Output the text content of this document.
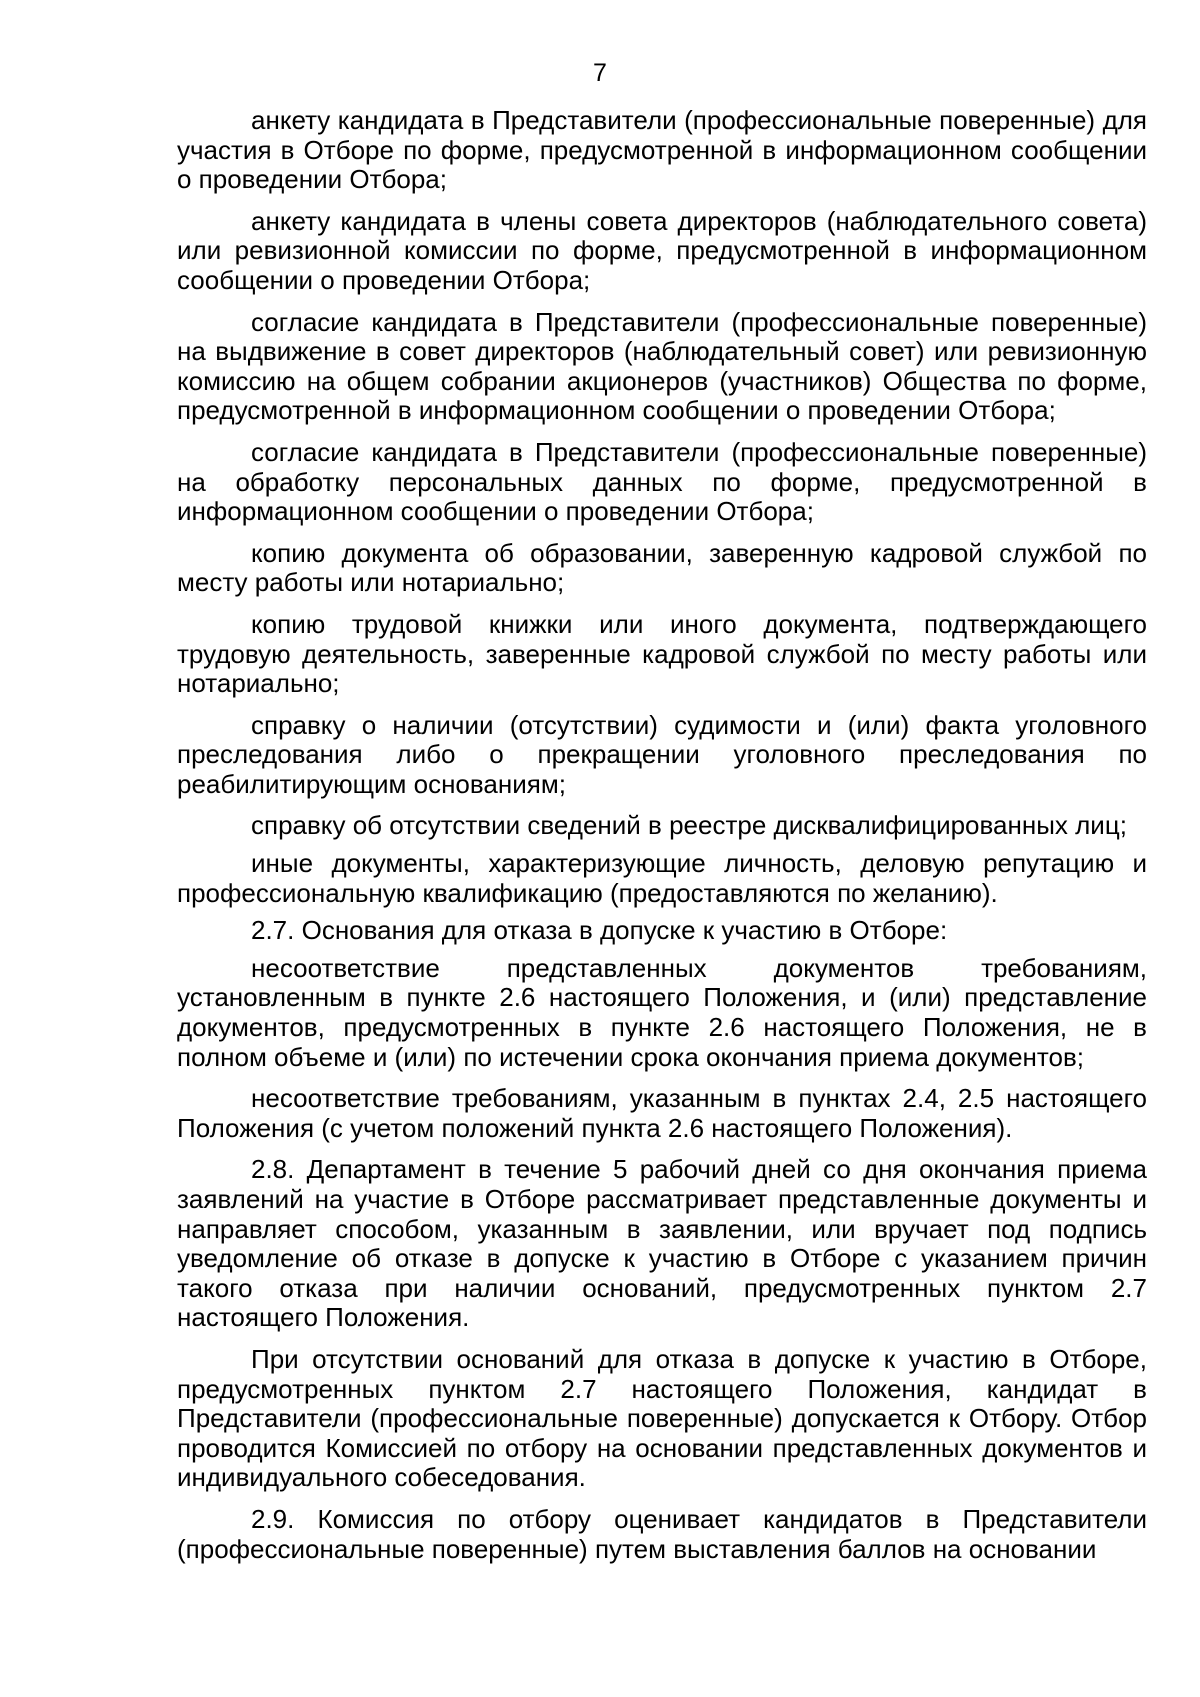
7

анкету кандидата в Представители (профессиональные поверенные) для участия в Отборе по форме, предусмотренной в информационном сообщении о проведении Отбора;

анкету кандидата в члены совета директоров (наблюдательного совета) или ревизионной комиссии по форме, предусмотренной в информационном сообщении о проведении Отбора;

согласие кандидата в Представители (профессиональные поверенные) на выдвижение в совет директоров (наблюдательный совет) или ревизионную комиссию на общем собрании акционеров (участников) Общества по форме, предусмотренной в информационном сообщении о проведении Отбора;

согласие кандидата в Представители (профессиональные поверенные) на обработку персональных данных по форме, предусмотренной в информационном сообщении о проведении Отбора;

копию документа об образовании, заверенную кадровой службой по месту работы или нотариально;

копию трудовой книжки или иного документа, подтверждающего трудовую деятельность, заверенные кадровой службой по месту работы или нотариально;

справку о наличии (отсутствии) судимости и (или) факта уголовного преследования либо о прекращении уголовного преследования по реабилитирующим основаниям;

справку об отсутствии сведений в реестре дисквалифицированных лиц;

иные документы, характеризующие личность, деловую репутацию и профессиональную квалификацию (предоставляются по желанию).

2.7. Основания для отказа в допуске к участию в Отборе:

несоответствие представленных документов требованиям, установленным в пункте 2.6 настоящего Положения, и (или) представление документов, предусмотренных в пункте 2.6 настоящего Положения, не в полном объеме и (или) по истечении срока окончания приема документов;

несоответствие требованиям, указанным в пунктах 2.4, 2.5 настоящего Положения (с учетом положений пункта 2.6 настоящего Положения).

2.8. Департамент в течение 5 рабочий дней со дня окончания приема заявлений на участие в Отборе рассматривает представленные документы и направляет способом, указанным в заявлении, или вручает под подпись уведомление об отказе в допуске к участию в Отборе с указанием причин такого отказа при наличии оснований, предусмотренных пунктом 2.7 настоящего Положения.

При отсутствии оснований для отказа в допуске к участию в Отборе, предусмотренных пунктом 2.7 настоящего Положения, кандидат в Представители (профессиональные поверенные) допускается к Отбору. Отбор проводится Комиссией по отбору на основании представленных документов и индивидуального собеседования.

2.9. Комиссия по отбору оценивает кандидатов в Представители (профессиональные поверенные) путем выставления баллов на основании
